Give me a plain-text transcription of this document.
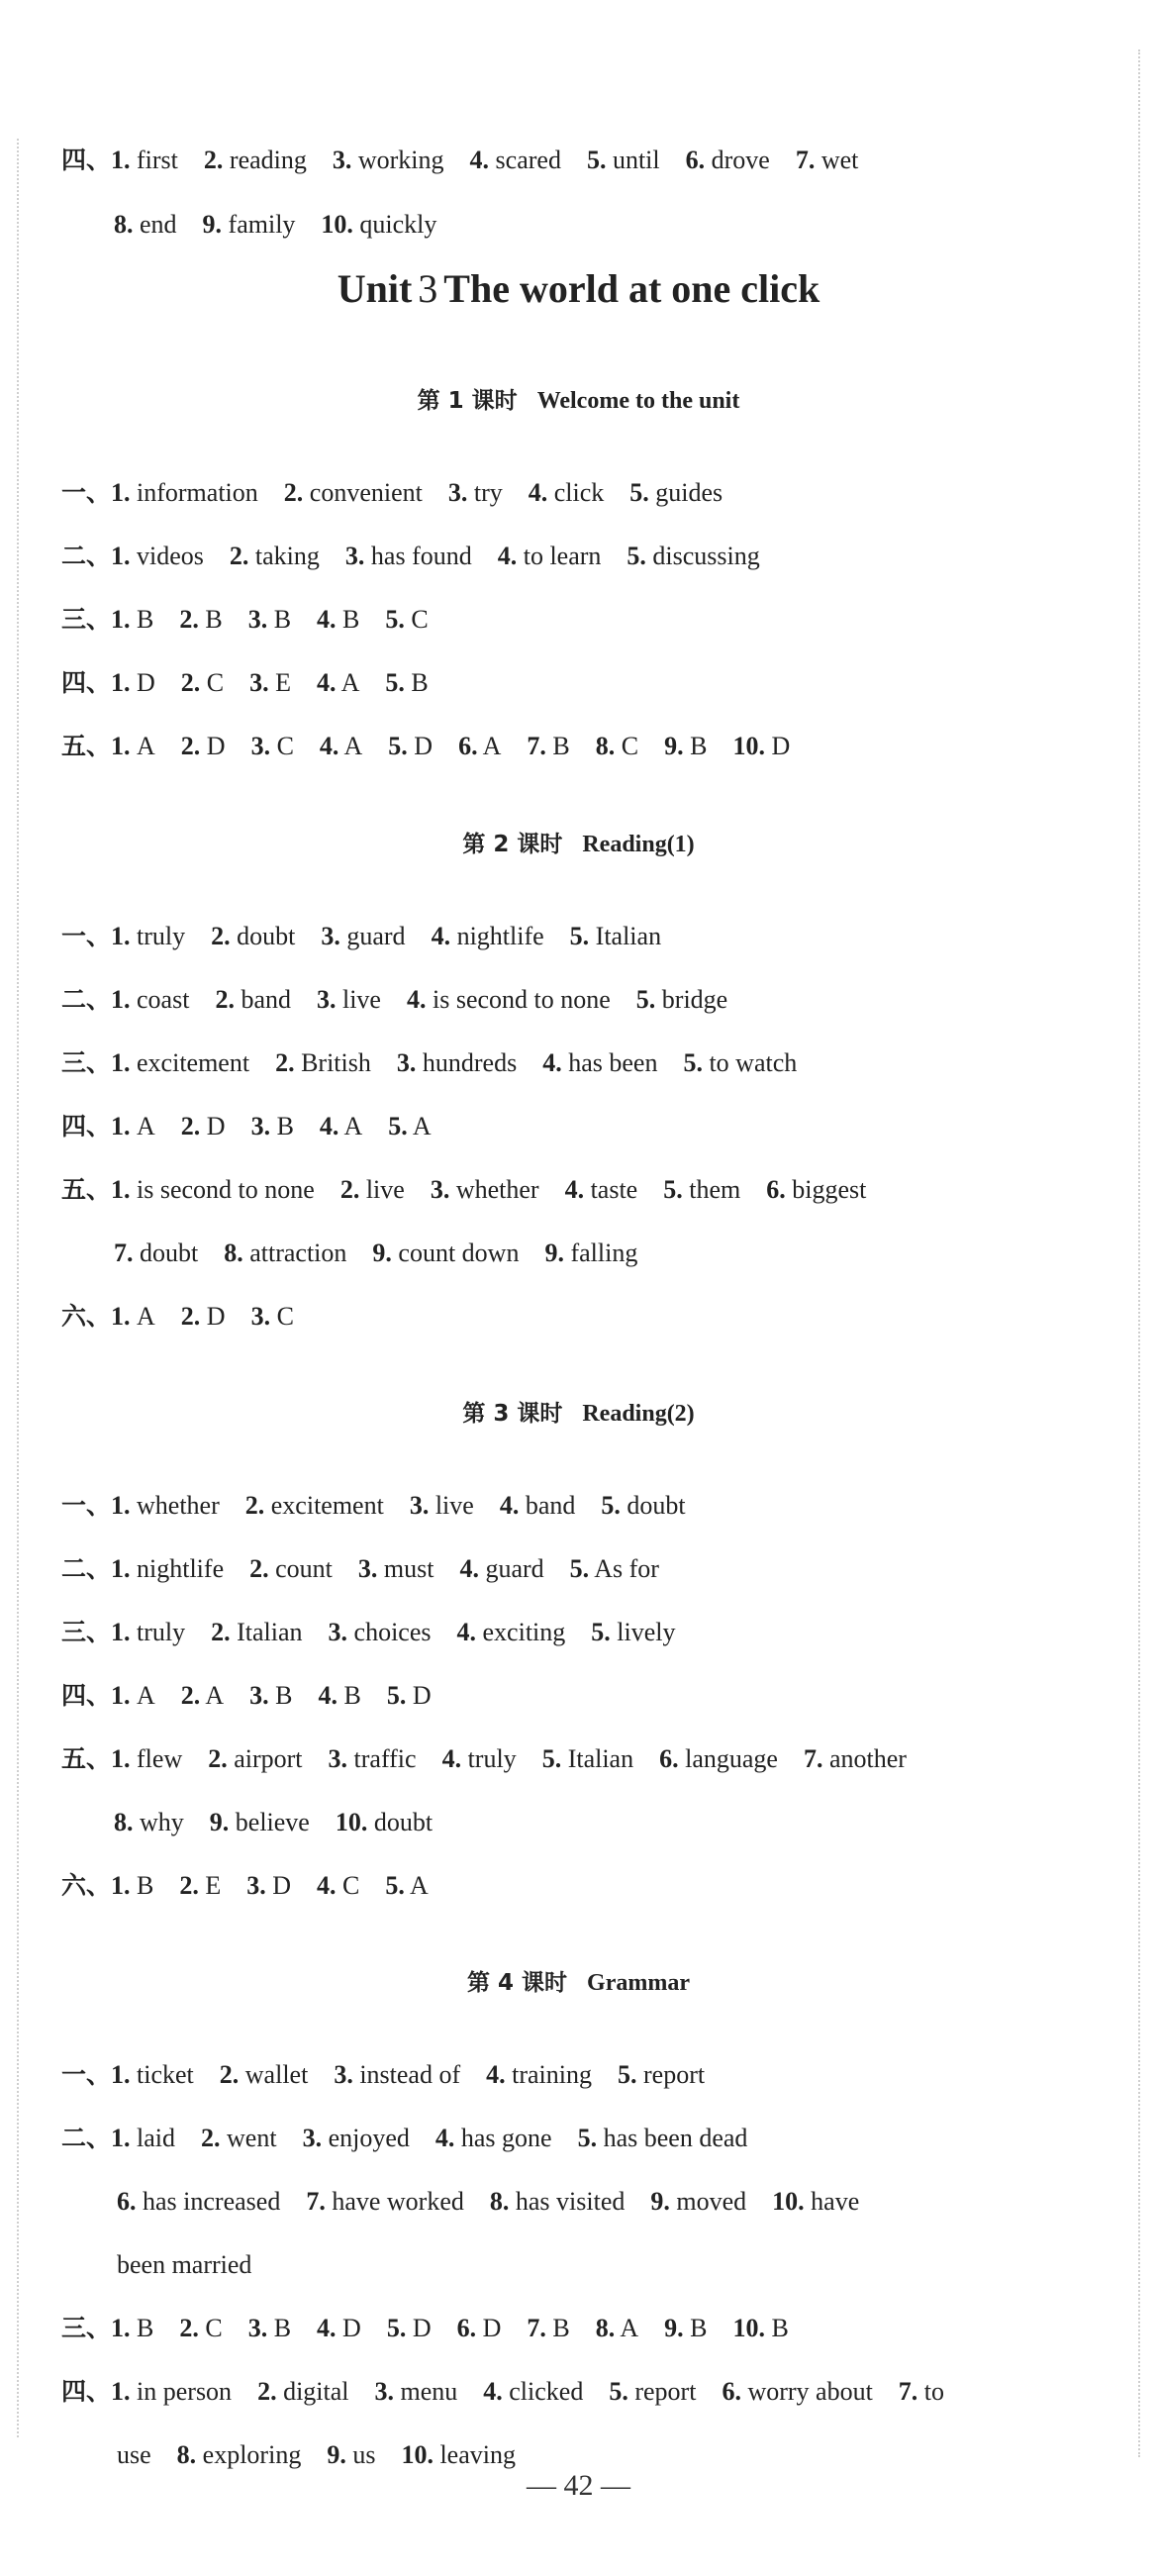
四、1. first 2. reading 3. working 4. scared 5. until 6. drove 7. wet
8. end 9. family 10. quickly
Unit 3 The world at one click
第 1 课时 Welcome to the unit
一、1. information 2. convenient 3. try 4. click 5. guides
二、1. videos 2. taking 3. has found 4. to learn 5. discussing
三、1. B 2. B 3. B 4. B 5. C
四、1. D 2. C 3. E 4. A 5. B
五、1. A 2. D 3. C 4. A 5. D 6. A 7. B 8. C 9. B 10. D
第 2 课时 Reading(1)
一、1. truly 2. doubt 3. guard 4. nightlife 5. Italian
二、1. coast 2. band 3. live 4. is second to none 5. bridge
三、1. excitement 2. British 3. hundreds 4. has been 5. to watch
四、1. A 2. D 3. B 4. A 5. A
五、1. is second to none 2. live 3. whether 4. taste 5. them 6. biggest
7. doubt 8. attraction 9. count down 9. falling
六、1. A 2. D 3. C
第 3 课时 Reading(2)
一、1. whether 2. excitement 3. live 4. band 5. doubt
二、1. nightlife 2. count 3. must 4. guard 5. As for
三、1. truly 2. Italian 3. choices 4. exciting 5. lively
四、1. A 2. A 3. B 4. B 5. D
五、1. flew 2. airport 3. traffic 4. truly 5. Italian 6. language 7. another
8. why 9. believe 10. doubt
六、1. B 2. E 3. D 4. C 5. A
第 4 课时 Grammar
一、1. ticket 2. wallet 3. instead of 4. training 5. report
二、1. laid 2. went 3. enjoyed 4. has gone 5. has been dead
6. has increased 7. have worked 8. has visited 9. moved 10. have
been married
三、1. B 2. C 3. B 4. D 5. D 6. D 7. B 8. A 9. B 10. B
四、1. in person 2. digital 3. menu 4. clicked 5. report 6. worry about 7. to
use 8. exploring 9. us 10. leaving
— 42 —
